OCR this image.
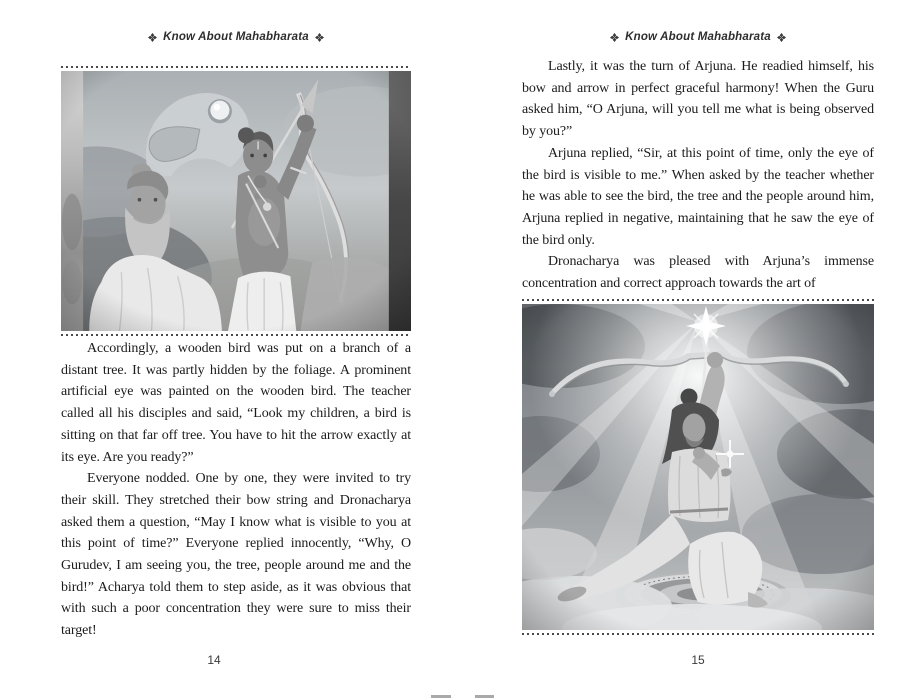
Know About Mahabharata

Accordingly, a wooden bird was put on a branch of a distant tree. It was partly hidden by the foliage. A prominent artificial eye was painted on the wooden bird. The teacher called all his disciples and said, “Look my children, a bird is sitting on that far off tree. You have to hit the arrow exactly at its eye. Are you ready?”

Everyone nodded. One by one, they were invited to try their skill. They stretched their bow string and Dronacharya asked them a question, “May I know what is visible to you at this point of time?” Everyone replied innocently, “Why, O Gurudev, I am seeing you, the tree, people around me and the bird!” Acharya told them to step aside, as it was obvious that with such a poor concentration they were sure to miss their target!

14
Know About Mahabharata

Lastly, it was the turn of Arjuna. He readied himself, his bow and arrow in perfect graceful harmony! When the Guru asked him, “O Arjuna, will you tell me what is being observed by you?”

Arjuna replied, “Sir, at this point of time, only the eye of the bird is visible to me.” When asked by the teacher whether he was able to see the bird, the tree and the people around him, Arjuna replied in negative, maintaining that he saw the eye of the bird only.

Dronacharya was pleased with Arjuna’s immense concentration and correct approach towards the art of

15
